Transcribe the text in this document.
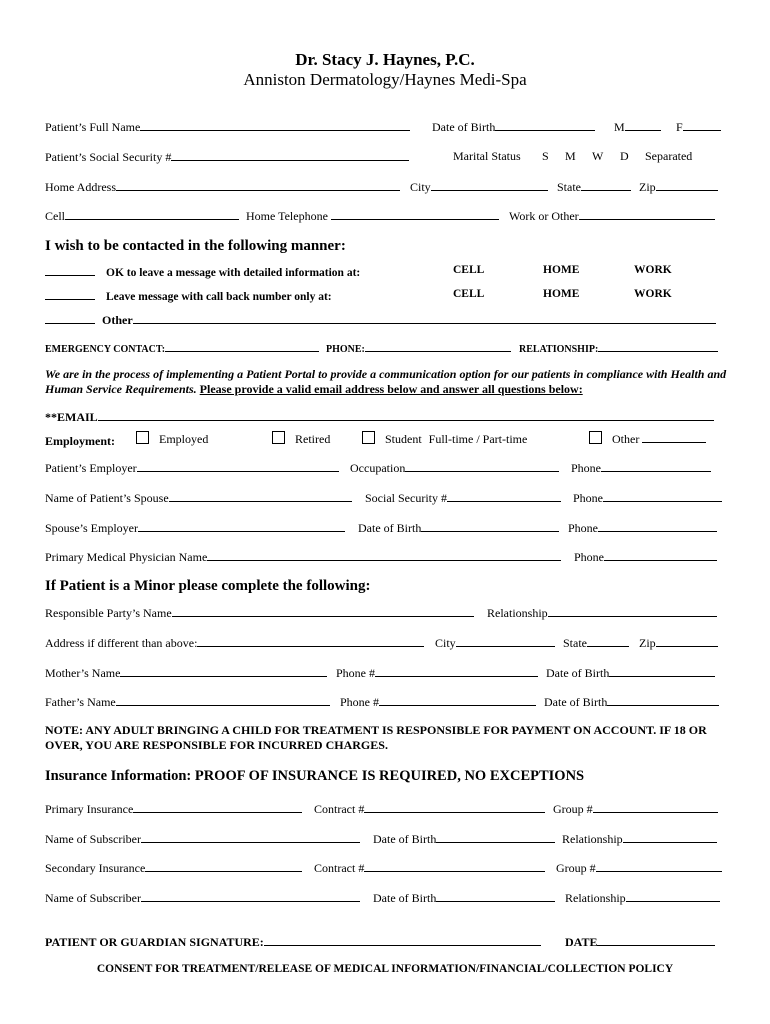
Dr. Stacy J. Haynes, P.C.
Anniston Dermatology/Haynes Medi-Spa
Patient’s Full Name	Date of Birth	M	F
Patient’s Social Security #	Marital Status S M W D Separated
Home Address	City	State	Zip
Cell	Home Telephone	Work or Other
I wish to be contacted in the following manner:
OK to leave a message with detailed information at:	CELL	HOME	WORK
Leave message with call back number only at:	CELL	HOME	WORK
Other
EMERGENCY CONTACT:	PHONE:	RELATIONSHIP:
We are in the process of implementing a Patient Portal to provide a communication option for our patients in compliance with Health and Human Service Requirements. Please provide a valid email address below and answer all questions below:
**EMAIL
Employment:	Employed	Retired	Student Full-time / Part-time	Other
Patient’s Employer	Occupation	Phone
Name of Patient’s Spouse	Social Security #	Phone
Spouse’s Employer	Date of Birth	Phone
Primary Medical Physician Name	Phone
If Patient is a Minor please complete the following:
Responsible Party’s Name	Relationship
Address if different than above:	City	State	Zip
Mother’s Name	Phone #	Date of Birth
Father’s Name	Phone #	Date of Birth
NOTE: ANY ADULT BRINGING A CHILD FOR TREATMENT IS RESPONSIBLE FOR PAYMENT ON ACCOUNT. IF 18 OR OVER, YOU ARE RESPONSIBLE FOR INCURRED CHARGES.
Insurance Information: PROOF OF INSURANCE IS REQUIRED, NO EXCEPTIONS
Primary Insurance	Contract #	Group #
Name of Subscriber	Date of Birth	Relationship
Secondary Insurance	Contract #	Group #
Name of Subscriber	Date of Birth	Relationship
PATIENT OR GUARDIAN SIGNATURE:	DATE
CONSENT FOR TREATMENT/RELEASE OF MEDICAL INFORMATION/FINANCIAL/COLLECTION POLICY
